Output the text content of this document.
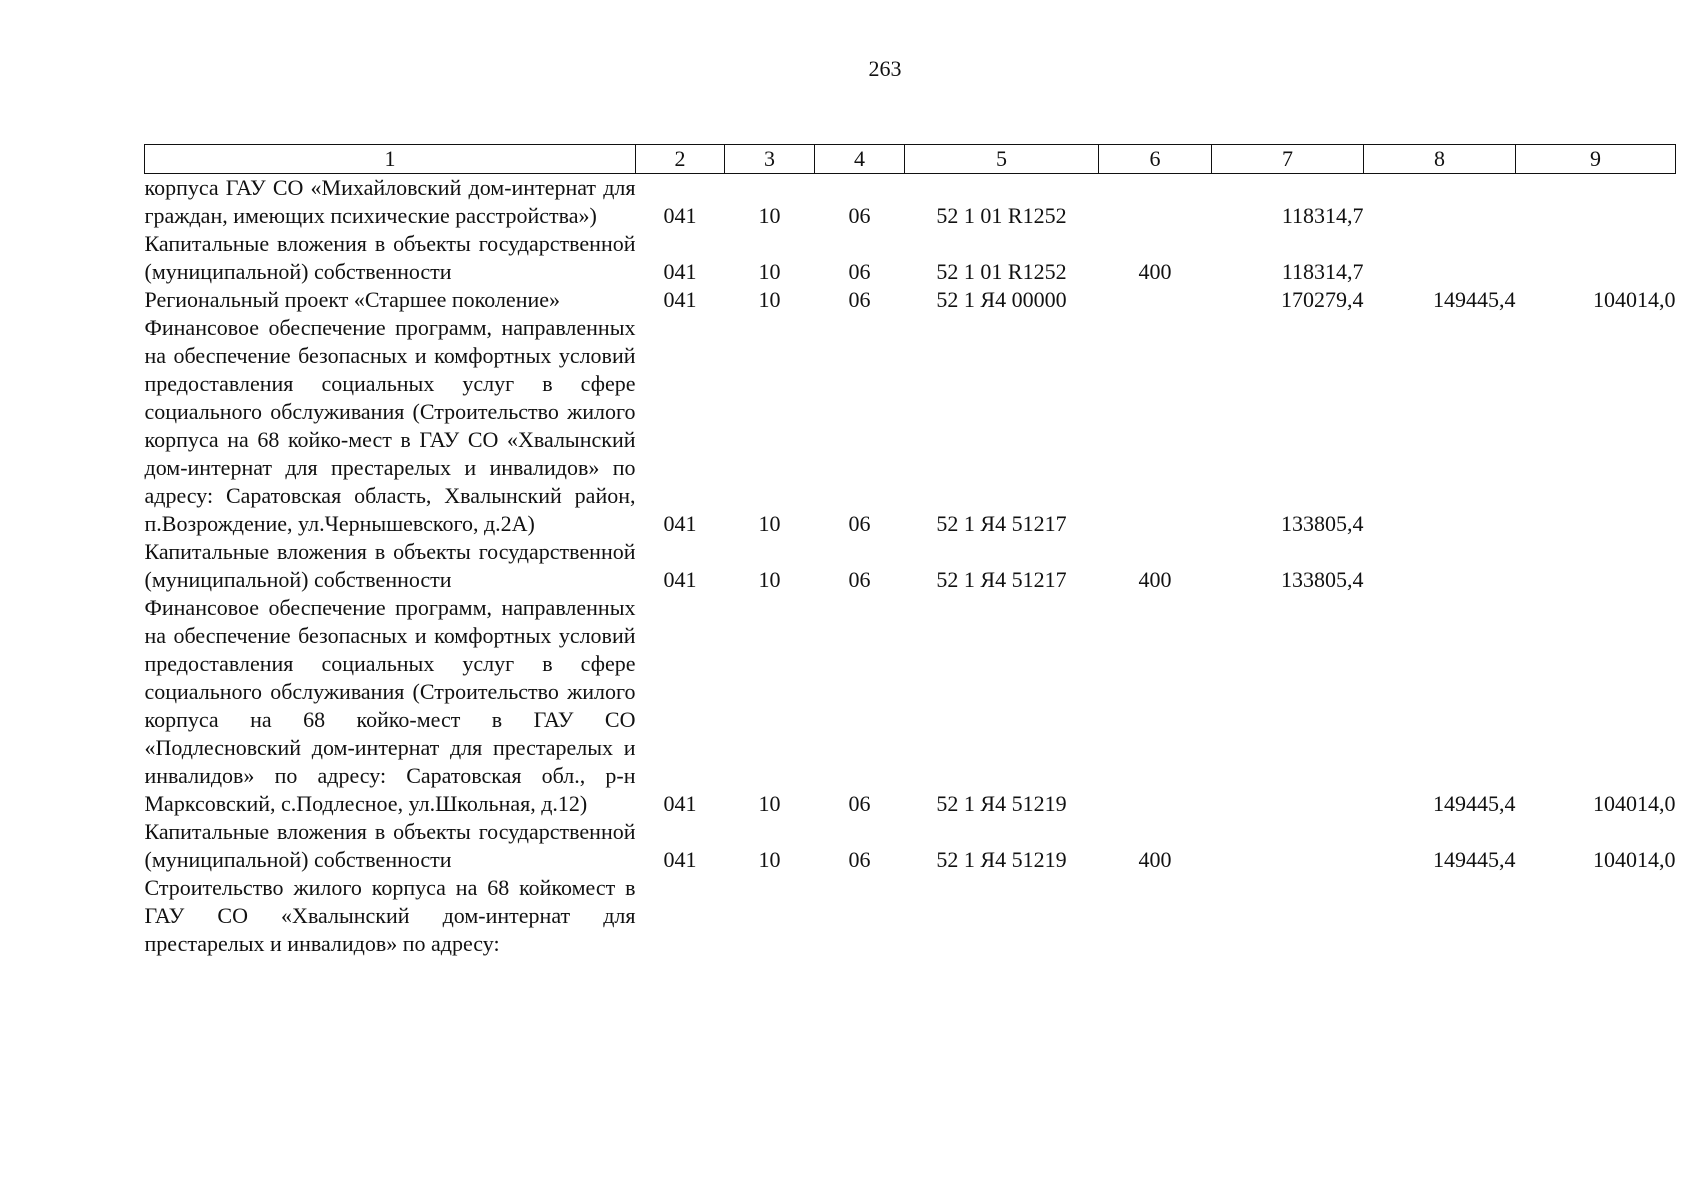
263
1	2	3	4	5	6	7	8	9
корпуса ГАУ СО «Михайловский дом-интернат для граждан, имеющих психические расстройства»)	041	10	06	52 1 01 R1252		118314,7		
Капитальные вложения в объекты государственной (муниципальной) собственности	041	10	06	52 1 01 R1252	400	118314,7		
Региональный проект «Старшее поколение»	041	10	06	52 1 Я4 00000		170279,4	149445,4	104014,0
Финансовое обеспечение программ, направленных на обеспечение безопасных и комфортных условий предоставления социальных услуг в сфере социального обслуживания (Строительство жилого корпуса на 68 койко-мест в ГАУ СО «Хвалынский дом-интернат для престарелых и инвалидов» по адресу: Саратовская область, Хвалынский район, п.Возрождение, ул.Чернышевского, д.2А)	041	10	06	52 1 Я4 51217		133805,4		
Капитальные вложения в объекты государственной (муниципальной) собственности	041	10	06	52 1 Я4 51217	400	133805,4		
Финансовое обеспечение программ, направленных на обеспечение безопасных и комфортных условий предоставления социальных услуг в сфере социального обслуживания (Строительство жилого корпуса на 68 койко-мест в ГАУ СО «Подлесновский дом-интернат для престарелых и инвалидов» по адресу: Саратовская обл., р-н Марксовский, с.Подлесное, ул.Школьная, д.12)	041	10	06	52 1 Я4 51219			149445,4	104014,0
Капитальные вложения в объекты государственной (муниципальной) собственности	041	10	06	52 1 Я4 51219	400		149445,4	104014,0
Строительство жилого корпуса на 68 койкомест в ГАУ СО «Хвалынский дом-интернат для престарелых и инвалидов» по адресу:								
